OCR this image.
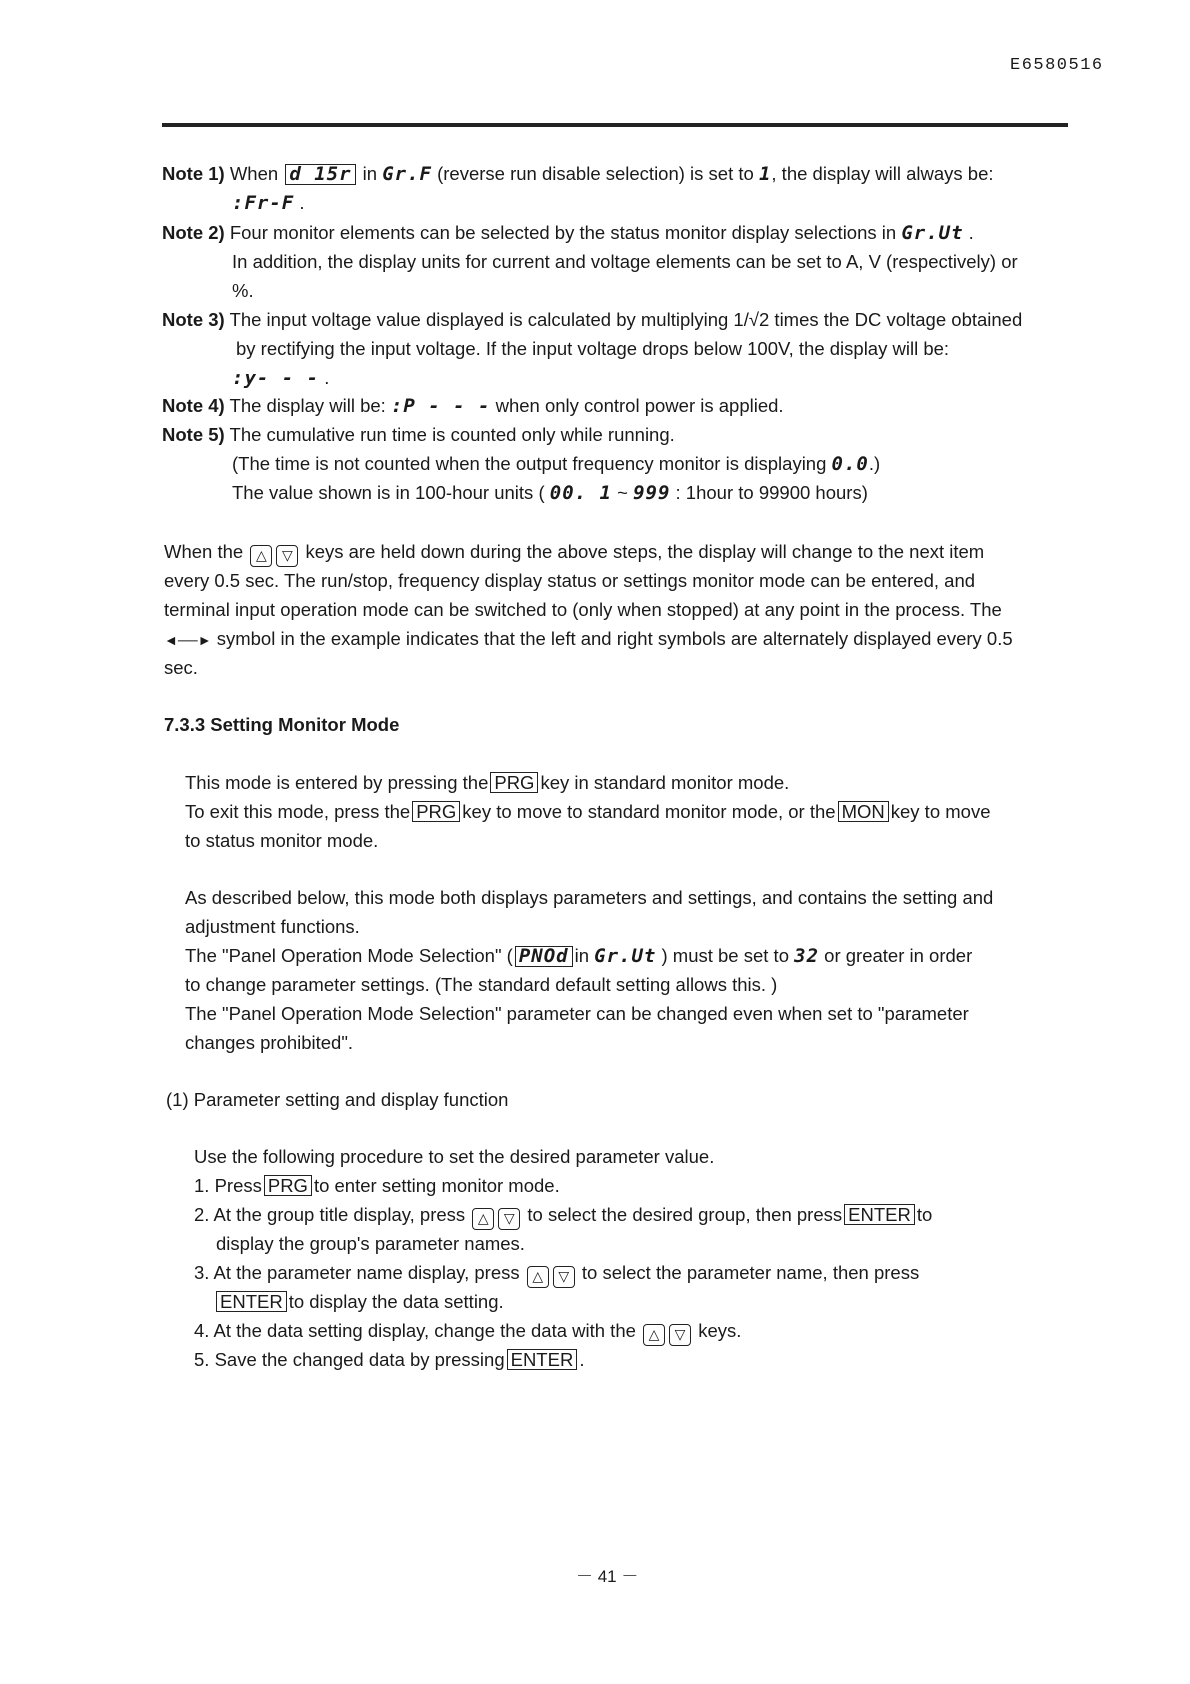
E6580516
Note 1) When d 15r in Gr.F (reverse run disable selection) is set to 1, the display will always be:
:Fr-F .
Note 2) Four monitor elements can be selected by the status monitor display selections in Gr.Ut .
In addition, the display units for current and voltage elements can be set to A, V (respectively) or
%.
Note 3) The input voltage value displayed is calculated by multiplying 1/√2 times the DC voltage obtained
by rectifying the input voltage. If the input voltage drops below 100V, the display will be:
:y- - - .
Note 4) The display will be: :P - - - when only control power is applied.
Note 5) The cumulative run time is counted only while running.
(The time is not counted when the output frequency monitor is displaying 0.0.)
The value shown is in 100-hour units ( 00. 1 ~ 999 : 1hour to 99900 hours)
When the △ ▽ keys are held down during the above steps, the display will change to the next item
every 0.5 sec. The run/stop, frequency display status or settings monitor mode can be entered, and
terminal input operation mode can be switched to (only when stopped) at any point in the process. The
◄──► symbol in the example indicates that the left and right symbols are alternately displayed every 0.5
sec.
7.3.3 Setting Monitor Mode
This mode is entered by pressing the PRG key in standard monitor mode.
To exit this mode, press the PRG key to move to standard monitor mode, or the MON key to move
to status monitor mode.
As described below, this mode both displays parameters and settings, and contains the setting and
adjustment functions.
The "Panel Operation Mode Selection" ( PNOd in Gr.Ut ) must be set to 32 or greater in order
to change parameter settings. (The standard default setting allows this. )
The "Panel Operation Mode Selection" parameter can be changed even when set to "parameter
changes prohibited".
(1) Parameter setting and display function
Use the following procedure to set the desired parameter value.
1. Press PRG to enter setting monitor mode.
2. At the group title display, press △ ▽ to select the desired group, then press ENTER to
display the group's parameter names.
3. At the parameter name display, press △ ▽ to select the parameter name, then press
ENTER to display the data setting.
4. At the data setting display, change the data with the △ ▽ keys.
5. Save the changed data by pressing ENTER .
－ 41 －
